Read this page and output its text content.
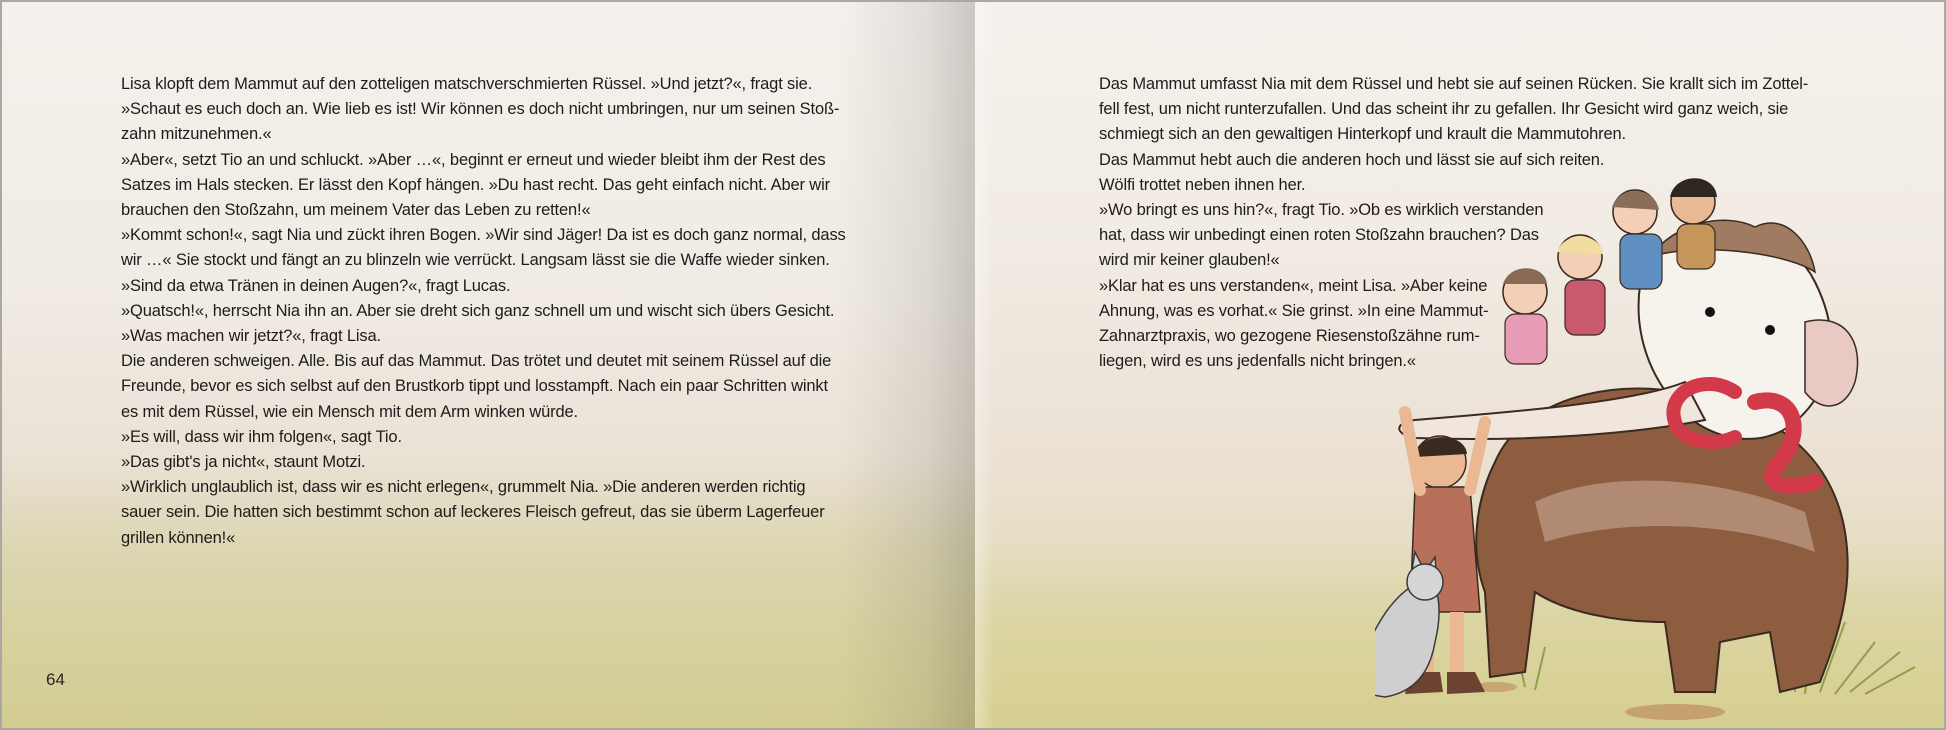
Lisa klopft dem Mammut auf den zotteligen matschverschmierten Rüssel. »Und jetzt?«, fragt sie.
»Schaut es euch doch an. Wie lieb es ist! Wir können es doch nicht umbringen, nur um seinen Stoß-
zahn mitzunehmen.«
»Aber«, setzt Tio an und schluckt. »Aber …«, beginnt er erneut und wieder bleibt ihm der Rest des
Satzes im Hals stecken. Er lässt den Kopf hängen. »Du hast recht. Das geht einfach nicht. Aber wir
brauchen den Stoßzahn, um meinem Vater das Leben zu retten!«
»Kommt schon!«, sagt Nia und zückt ihren Bogen. »Wir sind Jäger! Da ist es doch ganz normal, dass
wir …« Sie stockt und fängt an zu blinzeln wie verrückt. Langsam lässt sie die Waffe wieder sinken.
»Sind da etwa Tränen in deinen Augen?«, fragt Lucas.
»Quatsch!«, herrscht Nia ihn an. Aber sie dreht sich ganz schnell um und wischt sich übers Gesicht.
»Was machen wir jetzt?«, fragt Lisa.
Die anderen schweigen. Alle. Bis auf das Mammut. Das trötet und deutet mit seinem Rüssel auf die
Freunde, bevor es sich selbst auf den Brustkorb tippt und losstampft. Nach ein paar Schritten winkt
es mit dem Rüssel, wie ein Mensch mit dem Arm winken würde.
»Es will, dass wir ihm folgen«, sagt Tio.
»Das gibt's ja nicht«, staunt Motzi.
»Wirklich unglaublich ist, dass wir es nicht erlegen«, grummelt Nia. »Die anderen werden richtig
sauer sein. Die hatten sich bestimmt schon auf leckeres Fleisch gefreut, das sie überm Lagerfeuer
grillen können!«
64
Das Mammut umfasst Nia mit dem Rüssel und hebt sie auf seinen Rücken. Sie krallt sich im Zottel-
fell fest, um nicht runterzufallen. Und das scheint ihr zu gefallen. Ihr Gesicht wird ganz weich, sie
schmiegt sich an den gewaltigen Hinterkopf und krault die Mammutohren.
Das Mammut hebt auch die anderen hoch und lässt sie auf sich reiten.
Wölfi trottet neben ihnen her.
»Wo bringt es uns hin?«, fragt Tio. »Ob es wirklich verstanden
hat, dass wir unbedingt einen roten Stoßzahn brauchen? Das
wird mir keiner glauben!«
»Klar hat es uns verstanden«, meint Lisa. »Aber keine
Ahnung, was es vorhat.« Sie grinst. »In eine Mammut-
Zahnarztpraxis, wo gezogene Riesenstoßzähne rum-
liegen, wird es uns jedenfalls nicht bringen.«
